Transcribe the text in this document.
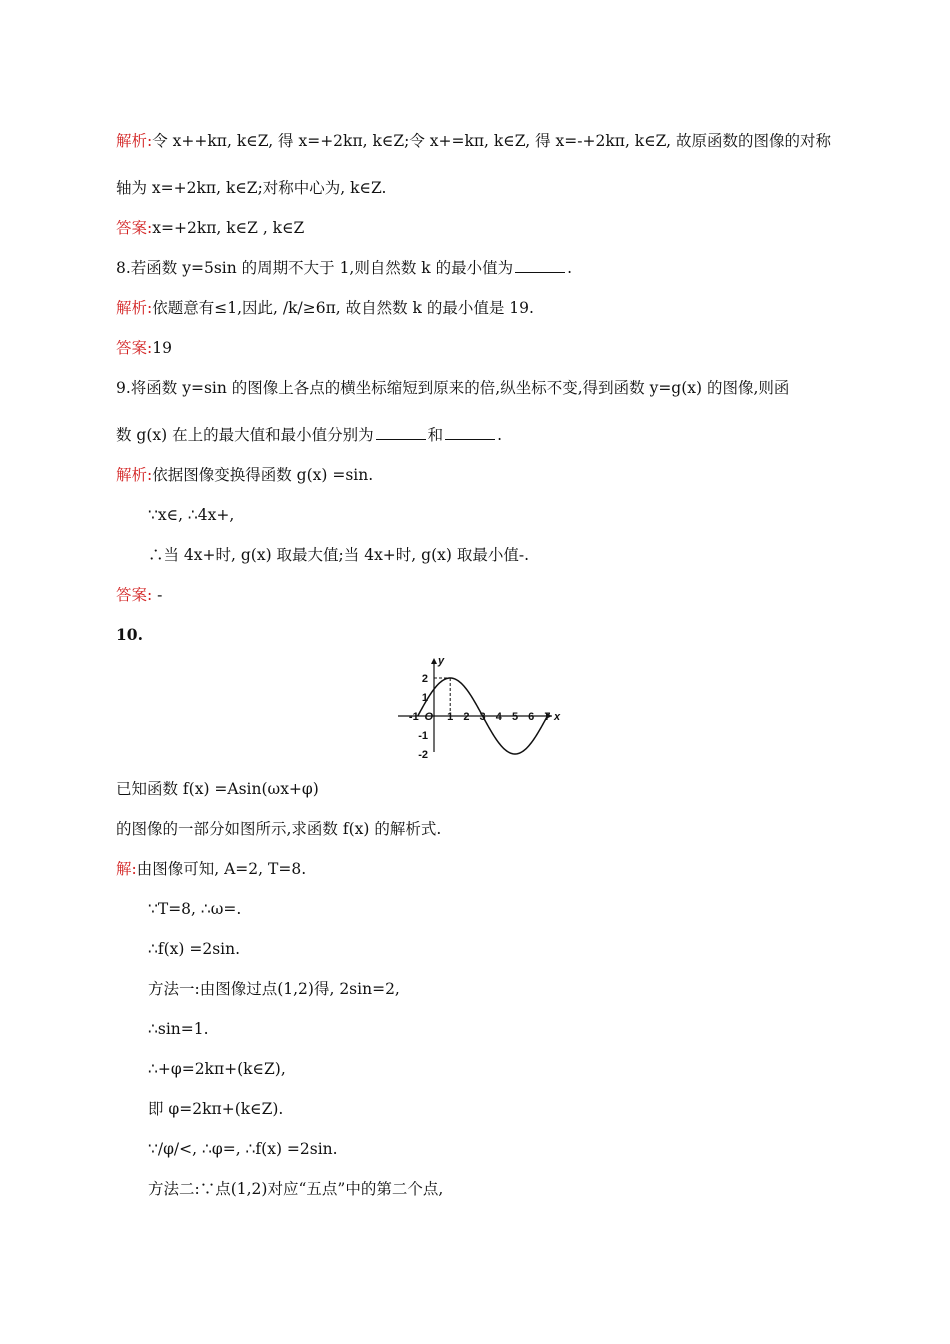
解析:令 x++kπ, k∈Z, 得 x=+2kπ, k∈Z;令 x+=kπ, k∈Z, 得 x=-+2kπ, k∈Z, 故原函数的图像的对称
轴为 x=+2kπ, k∈Z;对称中心为, k∈Z.
答案:x=+2kπ, k∈Z , k∈Z
8.若函数 y=5sin 的周期不大于 1,则自然数 k 的最小值为	.
解析:依题意有≤1,因此, /k/≥6π, 故自然数 k 的最小值是 19.
答案:19
9.将函数 y=sin 的图像上各点的横坐标缩短到原来的倍,纵坐标不变,得到函数 y=g(x) 的图像,则函
数 g(x) 在上的最大值和最小值分别为	和	.
解析:依据图像变换得函数 g(x) =sin.
∵x∈, ∴4x+,
∴当 4x+时, g(x) 取最大值;当 4x+时, g(x) 取最小值-.
答案: -
10.
已知函数 f(x) =Asin(ωx+φ)
的图像的一部分如图所示,求函数 f(x) 的解析式.
解:由图像可知, A=2, T=8.
∵T=8, ∴ω=.
∴f(x) =2sin.
方法一:由图像过点(1,2)得, 2sin=2,
∴sin=1.
∴+φ=2kπ+(k∈Z),
即 φ=2kπ+(k∈Z).
∵/φ/<, ∴φ=, ∴f(x) =2sin.
方法二:∵点(1,2)对应“五点”中的第二个点,
-1	1 2 3 4 5 6 7
2
1
-1
-2
O	x
y
